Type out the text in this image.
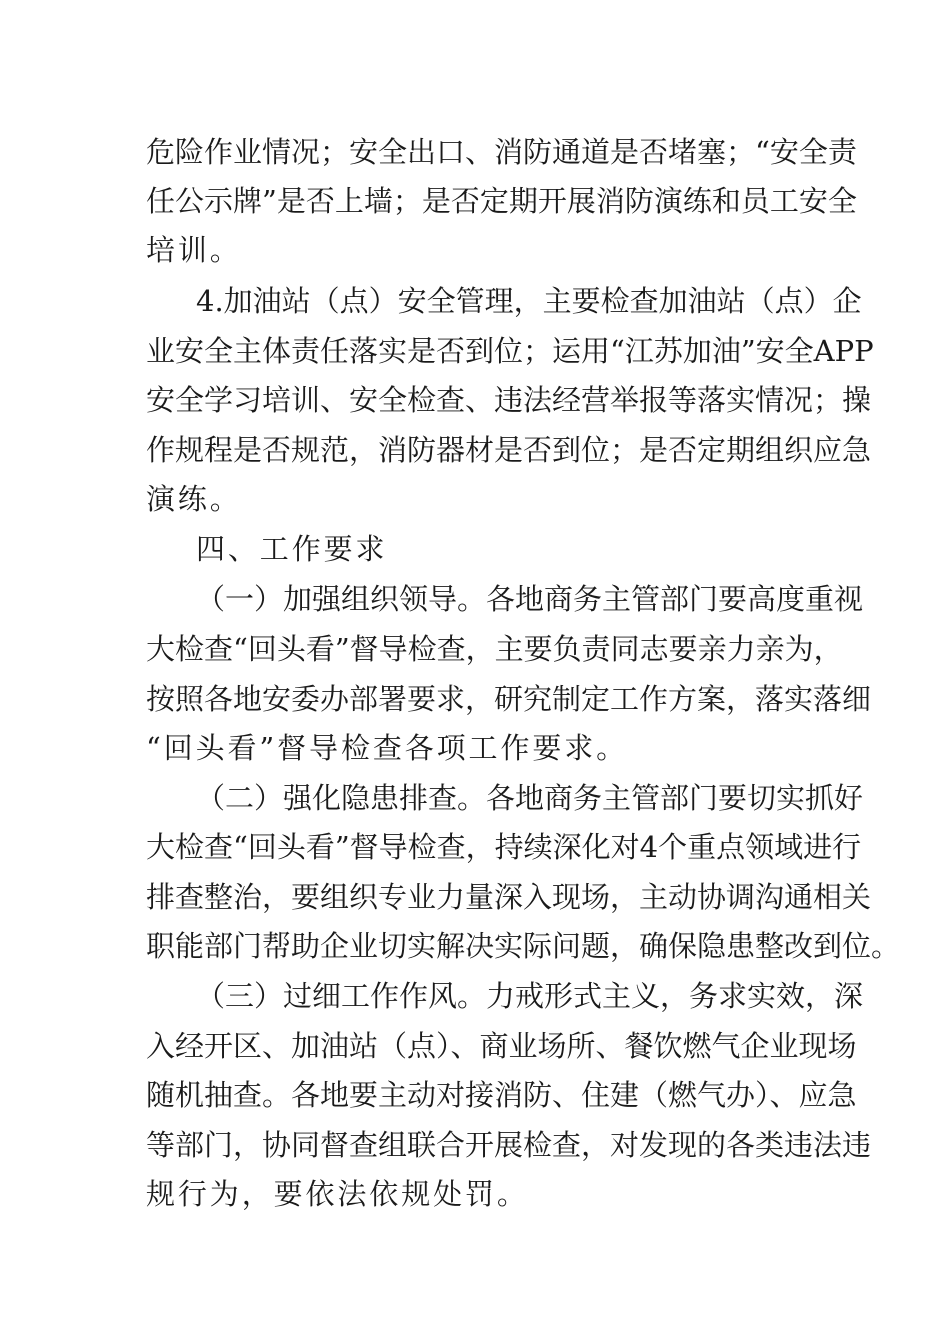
危险作业情况；安全出口、消防通道是否堵塞；“安全责
任公示牌”是否上墙；是否定期开展消防演练和员工安全
培训。
4.加油站（点）安全管理，主要检查加油站（点）企
业安全主体责任落实是否到位；运用“江苏加油”安全APP
安全学习培训、安全检查、违法经营举报等落实情况；操
作规程是否规范，消防器材是否到位；是否定期组织应急
演练。
四、工作要求
（一）加强组织领导。各地商务主管部门要高度重视
大检查“回头看”督导检查，主要负责同志要亲力亲为，
按照各地安委办部署要求，研究制定工作方案，落实落细
“回头看”督导检查各项工作要求。
（二）强化隐患排查。各地商务主管部门要切实抓好
大检查“回头看”督导检查，持续深化对4个重点领域进行
排查整治，要组织专业力量深入现场，主动协调沟通相关
职能部门帮助企业切实解决实际问题，确保隐患整改到位。
（三）过细工作作风。力戒形式主义，务求实效，深
入经开区、加油站（点）、商业场所、餐饮燃气企业现场
随机抽查。各地要主动对接消防、住建（燃气办）、应急
等部门，协同督查组联合开展检查，对发现的各类违法违
规行为，要依法依规处罚。
